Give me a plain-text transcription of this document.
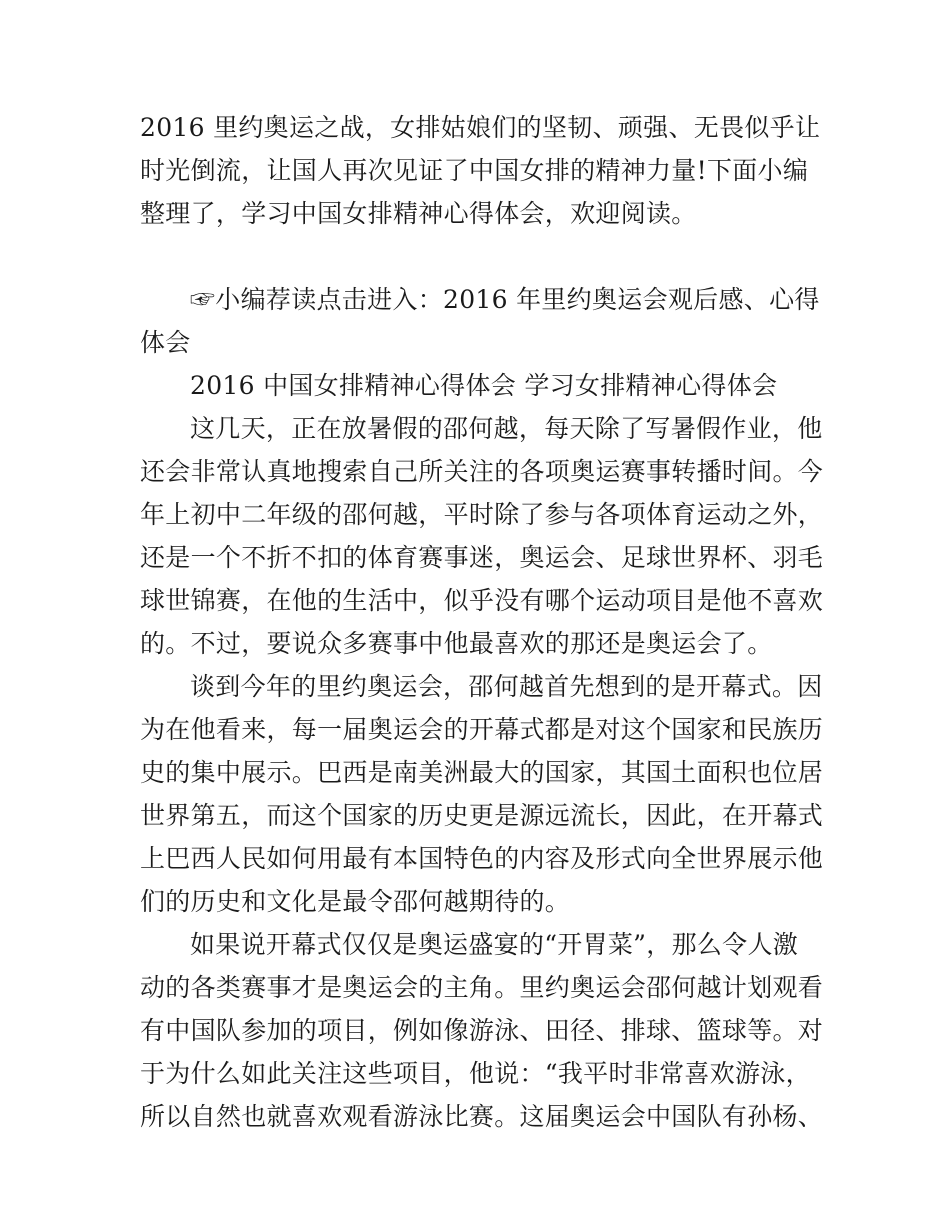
2016 里约奥运之战，女排姑娘们的坚韧、顽强、无畏似乎让
时光倒流，让国人再次见证了中国女排的精神力量!下面小编
整理了，学习中国女排精神心得体会，欢迎阅读。
☞小编荐读点击进入：2016 年里约奥运会观后感、心得
体会
2016 中国女排精神心得体会 学习女排精神心得体会
这几天，正在放暑假的邵何越，每天除了写暑假作业，他
还会非常认真地搜索自己所关注的各项奥运赛事转播时间。今
年上初中二年级的邵何越，平时除了参与各项体育运动之外，
还是一个不折不扣的体育赛事迷，奥运会、足球世界杯、羽毛
球世锦赛，在他的生活中，似乎没有哪个运动项目是他不喜欢
的。不过，要说众多赛事中他最喜欢的那还是奥运会了。
谈到今年的里约奥运会，邵何越首先想到的是开幕式。因
为在他看来，每一届奥运会的开幕式都是对这个国家和民族历
史的集中展示。巴西是南美洲最大的国家，其国土面积也位居
世界第五，而这个国家的历史更是源远流长，因此，在开幕式
上巴西人民如何用最有本国特色的内容及形式向全世界展示他
们的历史和文化是最令邵何越期待的。
如果说开幕式仅仅是奥运盛宴的“开胃菜”，那么令人激
动的各类赛事才是奥运会的主角。里约奥运会邵何越计划观看
有中国队参加的项目，例如像游泳、田径、排球、篮球等。对
于为什么如此关注这些项目，他说：“我平时非常喜欢游泳，
所以自然也就喜欢观看游泳比赛。这届奥运会中国队有孙杨、
